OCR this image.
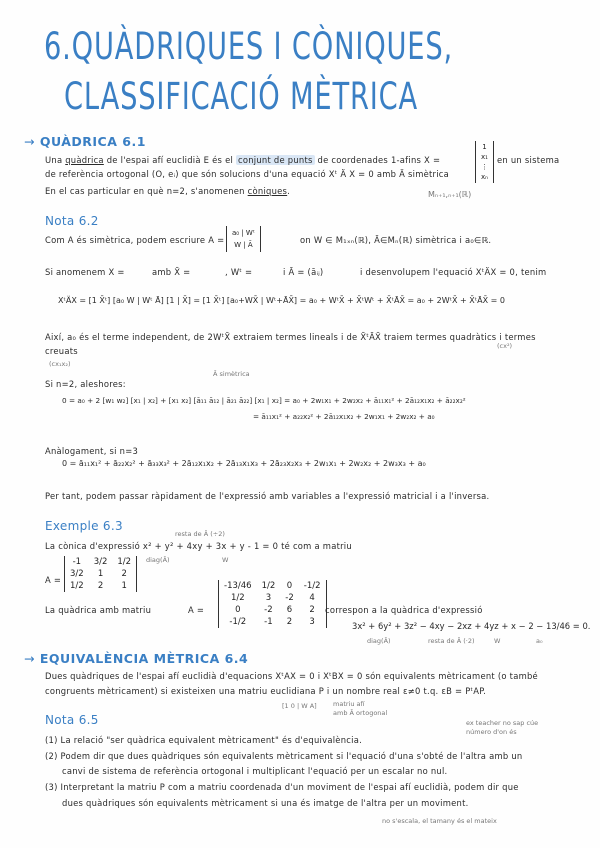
6.QUÀDRIQUES I CÒNIQUES,
CLASSIFICACIÓ MÈTRICA
→ QUÀDRICA 6.1
Una quàdrica de l'espai afí euclidià E és el conjunt de punts de coordenades 1-afins X =
1
x₁
⋮
xₙ
en un sistema
de referència ortogonal (O, eᵢ) que són solucions d'una equació Xᵗ Ä X = 0 amb Ä simètrica
En el cas particular en què n=2, s'anomenen còniques.	Mₙ₊₁,ₙ₊₁(ℝ)
Nota 6.2
Com A és simètrica, podem escriure A =
a₀ | Wᵗ
W | Ā	on W ∈ M₁ₓₙ(ℝ), Ā∈Mₙ(ℝ) simètrica i a₀∈ℝ.
Si anomenem X =	amb X̄ =	, Wᵗ =	i Ā = (āᵢⱼ)	i desenvolupem l'equació XᵗÄX = 0, tenim
XᵗÄX = [1 X̄ᵗ] [a₀ W | Wᵗ Ā] [1 | X̄] = [1 X̄ᵗ] [a₀+WX̄ | Wᵗ+ĀX̄] = a₀ + WᵗX̄ + X̄ᵗWᵗ + X̄ᵗĀX̄ = a₀ + 2WᵗX̄ + X̄ᵗĀX̄ = 0
Així, a₀ és el terme independent, de 2WᵗX̄ extraiem termes lineals i de X̄ᵗĀX̄ traiem termes quadràtics i termes
creuats	(cx²)
(cx₁x₂)
Si n=2, aleshores:
Ā simètrica
0 = a₀ + 2 [w₁ w₂] [x₁ | x₂] + [x₁ x₂] [ā₁₁ ā₁₂ | ā₂₁ ā₂₂] [x₁ | x₂] = a₀ + 2w₁x₁ + 2w₂x₂ + ā₁₁x₁² + 2ā₁₂x₁x₂ + ā₂₂x₂²
= ā₁₁x₁² + a₂₂x₂² + 2ā₁₂x₁x₂ + 2w₁x₁ + 2w₂x₂ + a₀
Anàlogament, si n=3
0 = ā₁₁x₁² + ā₂₂x₂² + ā₃₃x₃² + 2ā₁₂x₁x₂ + 2ā₁₃x₁x₃ + 2ā₂₃x₂x₃ + 2w₁x₁ + 2w₂x₂ + 2w₃x₃ + a₀
Per tant, podem passar ràpidament de l'expressió amb variables a l'expressió matricial i a l'inversa.
Exemple 6.3
resta de Ā (÷2)
La cònica d'expressió x² + y² + 4xy + 3x + y - 1 = 0 té com a matriu
diag(Ā)	W
A =
-1	3/2	1/2
3/2	1	2
1/2	2	1
La quàdrica amb matriu	A =
-13/46	1/2	0	-1/2
1/2	3	-2	4
0	-2	6	2
-1/2	-1	2	3
correspon a la quàdrica d'expressió
3x² + 6y² + 3z² − 4xy − 2xz + 4yz + x − 2 − 13/46 = 0.
diag(Ā)	resta de Ā (·2)	W	a₀
→ EQUIVALÈNCIA MÈTRICA 6.4
Dues quàdriques de l'espai afí euclidià d'equacions XᵗAX = 0 i XᵗBX = 0 són equivalents mètricament (o també
congruents mètricament) si existeixen una matriu euclidiana P i un nombre real ε≠0 t.q. εB = PᵗAP.
[1 0 | W A]	matriu afí
amb Ā ortogonal
Nota 6.5	ex teacher no sap cúe número d'on és
(1) La relació "ser quàdrica equivalent mètricament" és d'equivalència.
(2) Podem dir que dues quàdriques són equivalents mètricament si l'equació d'una s'obté de l'altra amb un
canvi de sistema de referència ortogonal i multiplicant l'equació per un escalar no nul.
(3) Interpretant la matriu P com a matriu coordenada d'un moviment de l'espai afí euclidià, podem dir que
dues quàdriques són equivalents mètricament si una és imatge de l'altra per un moviment.
no s'escala, el tamany és el mateix
